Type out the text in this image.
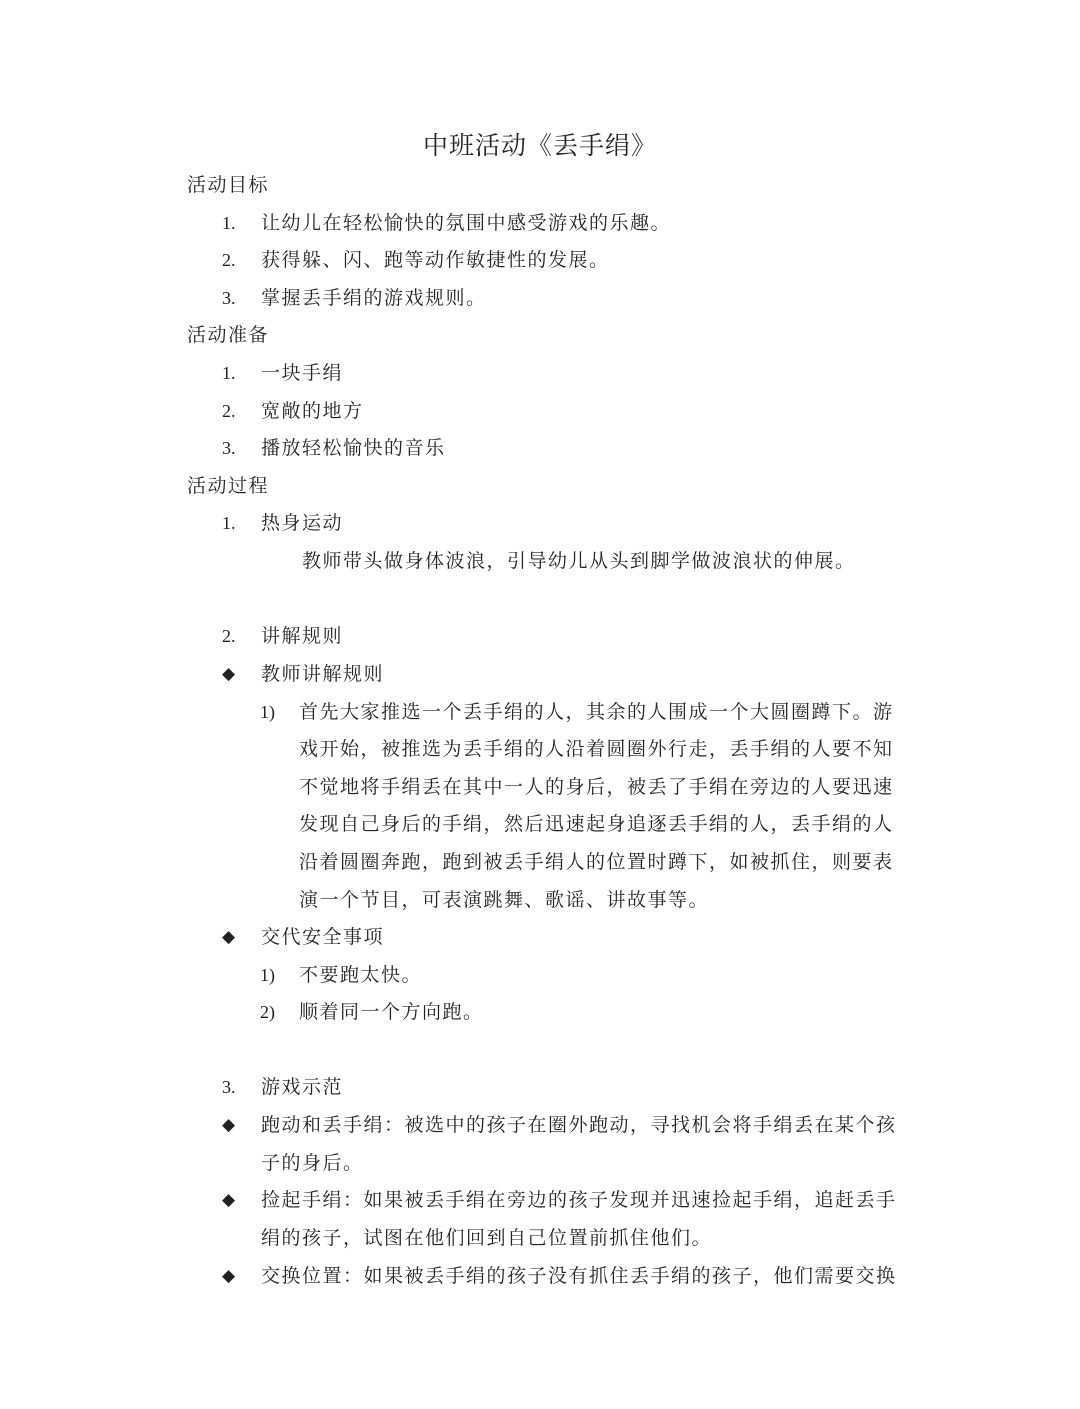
中班活动《丢手绢》
活动目标
1. 让幼儿在轻松愉快的氛围中感受游戏的乐趣。
2. 获得躲、闪、跑等动作敏捷性的发展。
3. 掌握丢手绢的游戏规则。
活动准备
1. 一块手绢
2. 宽敞的地方
3. 播放轻松愉快的音乐
活动过程
1. 热身运动
教师带头做身体波浪，引导幼儿从头到脚学做波浪状的伸展。
2. 讲解规则
◆ 教师讲解规则
1) 首先大家推选一个丢手绢的人，其余的人围成一个大圆圈蹲下。游
戏开始，被推选为丢手绢的人沿着圆圈外行走，丢手绢的人要不知
不觉地将手绢丢在其中一人的身后，被丢了手绢在旁边的人要迅速
发现自己身后的手绢，然后迅速起身追逐丢手绢的人，丢手绢的人
沿着圆圈奔跑，跑到被丢手绢人的位置时蹲下，如被抓住，则要表
演一个节目，可表演跳舞、歌谣、讲故事等。
◆ 交代安全事项
1) 不要跑太快。
2) 顺着同一个方向跑。
3. 游戏示范
◆ 跑动和丢手绢：被选中的孩子在圈外跑动，寻找机会将手绢丢在某个孩
子的身后。
◆ 捡起手绢：如果被丢手绢在旁边的孩子发现并迅速捡起手绢，追赶丢手
绢的孩子，试图在他们回到自己位置前抓住他们。
◆ 交换位置：如果被丢手绢的孩子没有抓住丢手绢的孩子，他们需要交换
